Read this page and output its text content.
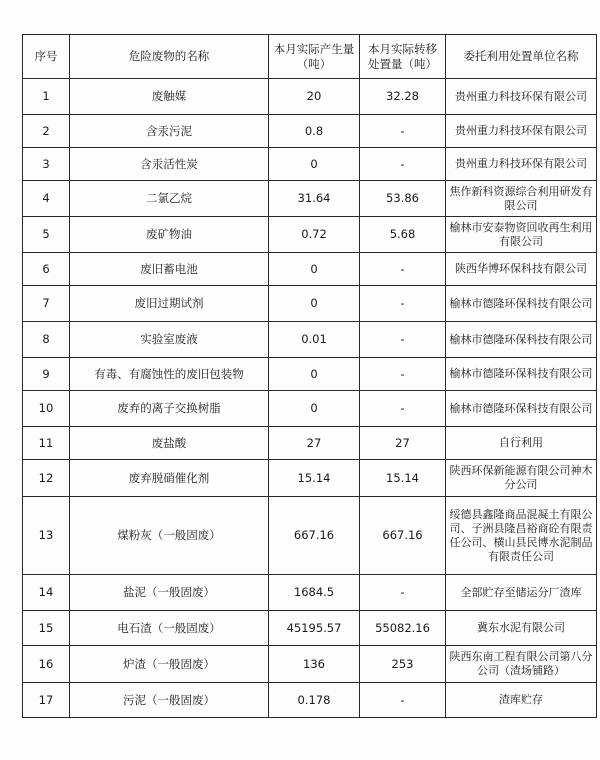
序号	危险废物的名称	本月实际产生量（吨）	本月实际转移处置量（吨）	委托利用处置单位名称
1	废触媒	20	32.28	贵州重力科技环保有限公司
2	含汞污泥	0.8	-	贵州重力科技环保有限公司
3	含汞活性炭	0	-	贵州重力科技环保有限公司
4	二氯乙烷	31.64	53.86	焦作新科资源综合利用研发有限公司
5	废矿物油	0.72	5.68	榆林市安泰物资回收再生利用有限公司
6	废旧蓄电池	0	-	陕西华博环保科技有限公司
7	废旧过期试剂	0	-	榆林市德隆环保科技有限公司
8	实验室废液	0.01	-	榆林市德隆环保科技有限公司
9	有毒、有腐蚀性的废旧包装物	0	-	榆林市德隆环保科技有限公司
10	废弃的离子交换树脂	0	-	榆林市德隆环保科技有限公司
11	废盐酸	27	27	自行利用
12	废弃脱硝催化剂	15.14	15.14	陕西环保新能源有限公司神木分公司
13	煤粉灰（一般固废）	667.16	667.16	绥德县鑫隆商品混凝土有限公司、子洲县隆昌裕商砼有限责任公司、横山县民博水泥制品有限责任公司
14	盐泥（一般固废）	1684.5	-	全部贮存至储运分厂渣库
15	电石渣（一般固废）	45195.57	55082.16	冀东水泥有限公司
16	炉渣（一般固废）	136	253	陕西东南工程有限公司第八分公司（渣场铺路）
17	污泥（一般固废）	0.178	-	渣库贮存
